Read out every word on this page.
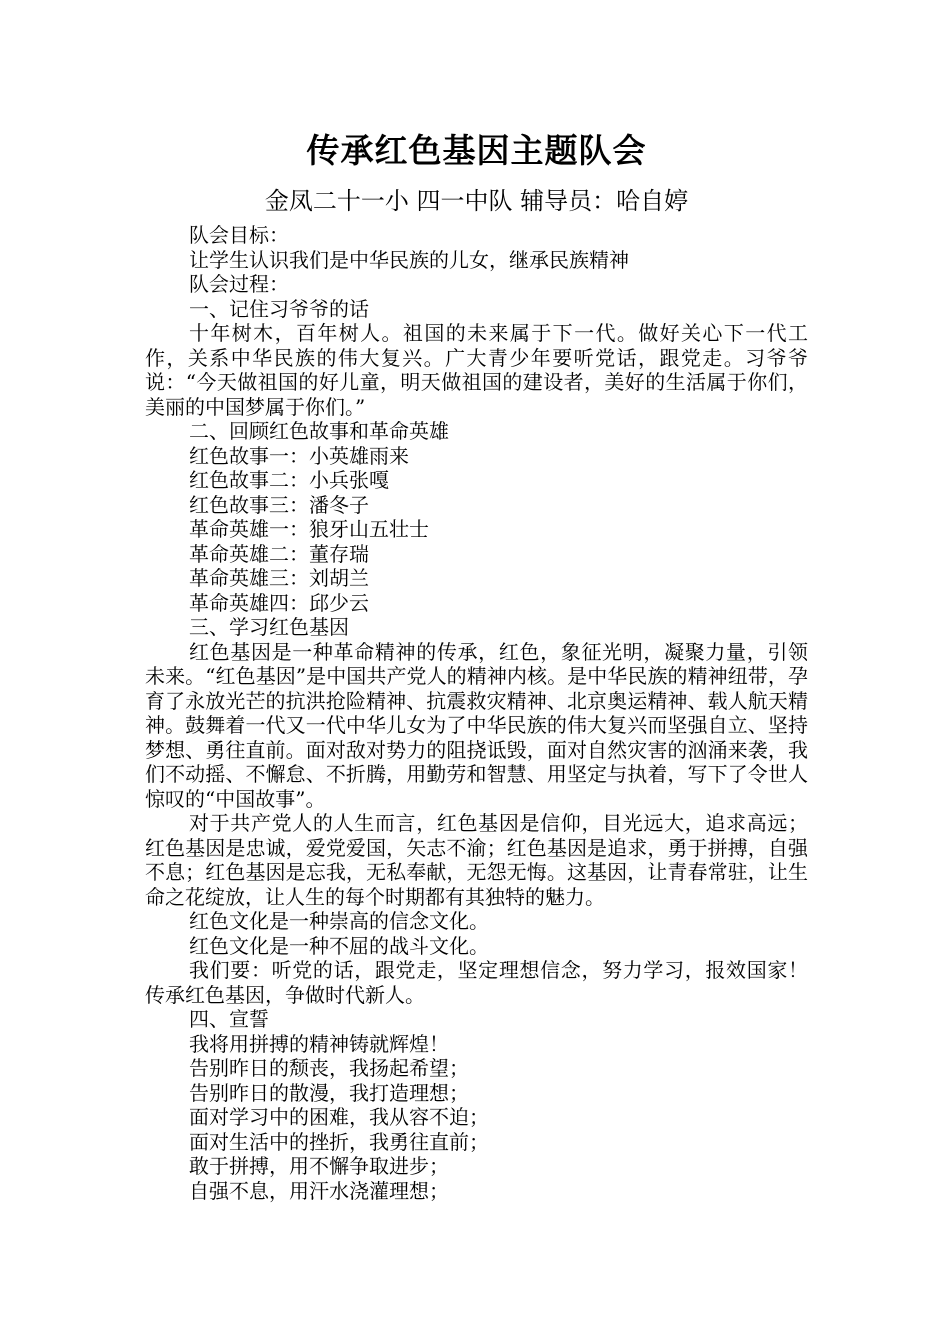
传承红色基因主题队会
金凤二十一小 四一中队 辅导员：哈自婷

队会目标：

让学生认识我们是中华民族的儿女，继承民族精神

队会过程：

一、记住习爷爷的话

十年树木，百年树人。祖国的未来属于下一代。做好关心下一代工作，关系中华民族的伟大复兴。广大青少年要听党话，跟党走。习爷爷说：“今天做祖国的好儿童，明天做祖国的建设者，美好的生活属于你们，美丽的中国梦属于你们。”

二、回顾红色故事和革命英雄

红色故事一：小英雄雨来

红色故事二：小兵张嘎

红色故事三：潘冬子

革命英雄一：狼牙山五壮士

革命英雄二：董存瑞

革命英雄三：刘胡兰

革命英雄四：邱少云

三、学习红色基因

红色基因是一种革命精神的传承，红色，象征光明，凝聚力量，引领未来。“红色基因”是中国共产党人的精神内核。是中华民族的精神纽带，孕育了永放光芒的抗洪抢险精神、抗震救灾精神、北京奥运精神、载人航天精神。鼓舞着一代又一代中华儿女为了中华民族的伟大复兴而坚强自立、坚持梦想、勇往直前。面对敌对势力的阻挠诋毁，面对自然灾害的汹涌来袭，我们不动摇、不懈怠、不折腾，用勤劳和智慧、用坚定与执着，写下了令世人惊叹的“中国故事”。

对于共产党人的人生而言，红色基因是信仰，目光远大，追求高远；红色基因是忠诚，爱党爱国，矢志不渝；红色基因是追求，勇于拼搏，自强不息；红色基因是忘我，无私奉献，无怨无悔。这基因，让青春常驻，让生命之花绽放，让人生的每个时期都有其独特的魅力。

红色文化是一种崇高的信念文化。

红色文化是一种不屈的战斗文化。

我们要：听党的话，跟党走，坚定理想信念，努力学习，报效国家！传承红色基因，争做时代新人。

四、宣誓

我将用拼搏的精神铸就辉煌！

告别昨日的颓丧，我扬起希望；

告别昨日的散漫，我打造理想；

面对学习中的困难，我从容不迫；

面对生活中的挫折，我勇往直前；

敢于拼搏，用不懈争取进步；

自强不息，用汗水浇灌理想；
